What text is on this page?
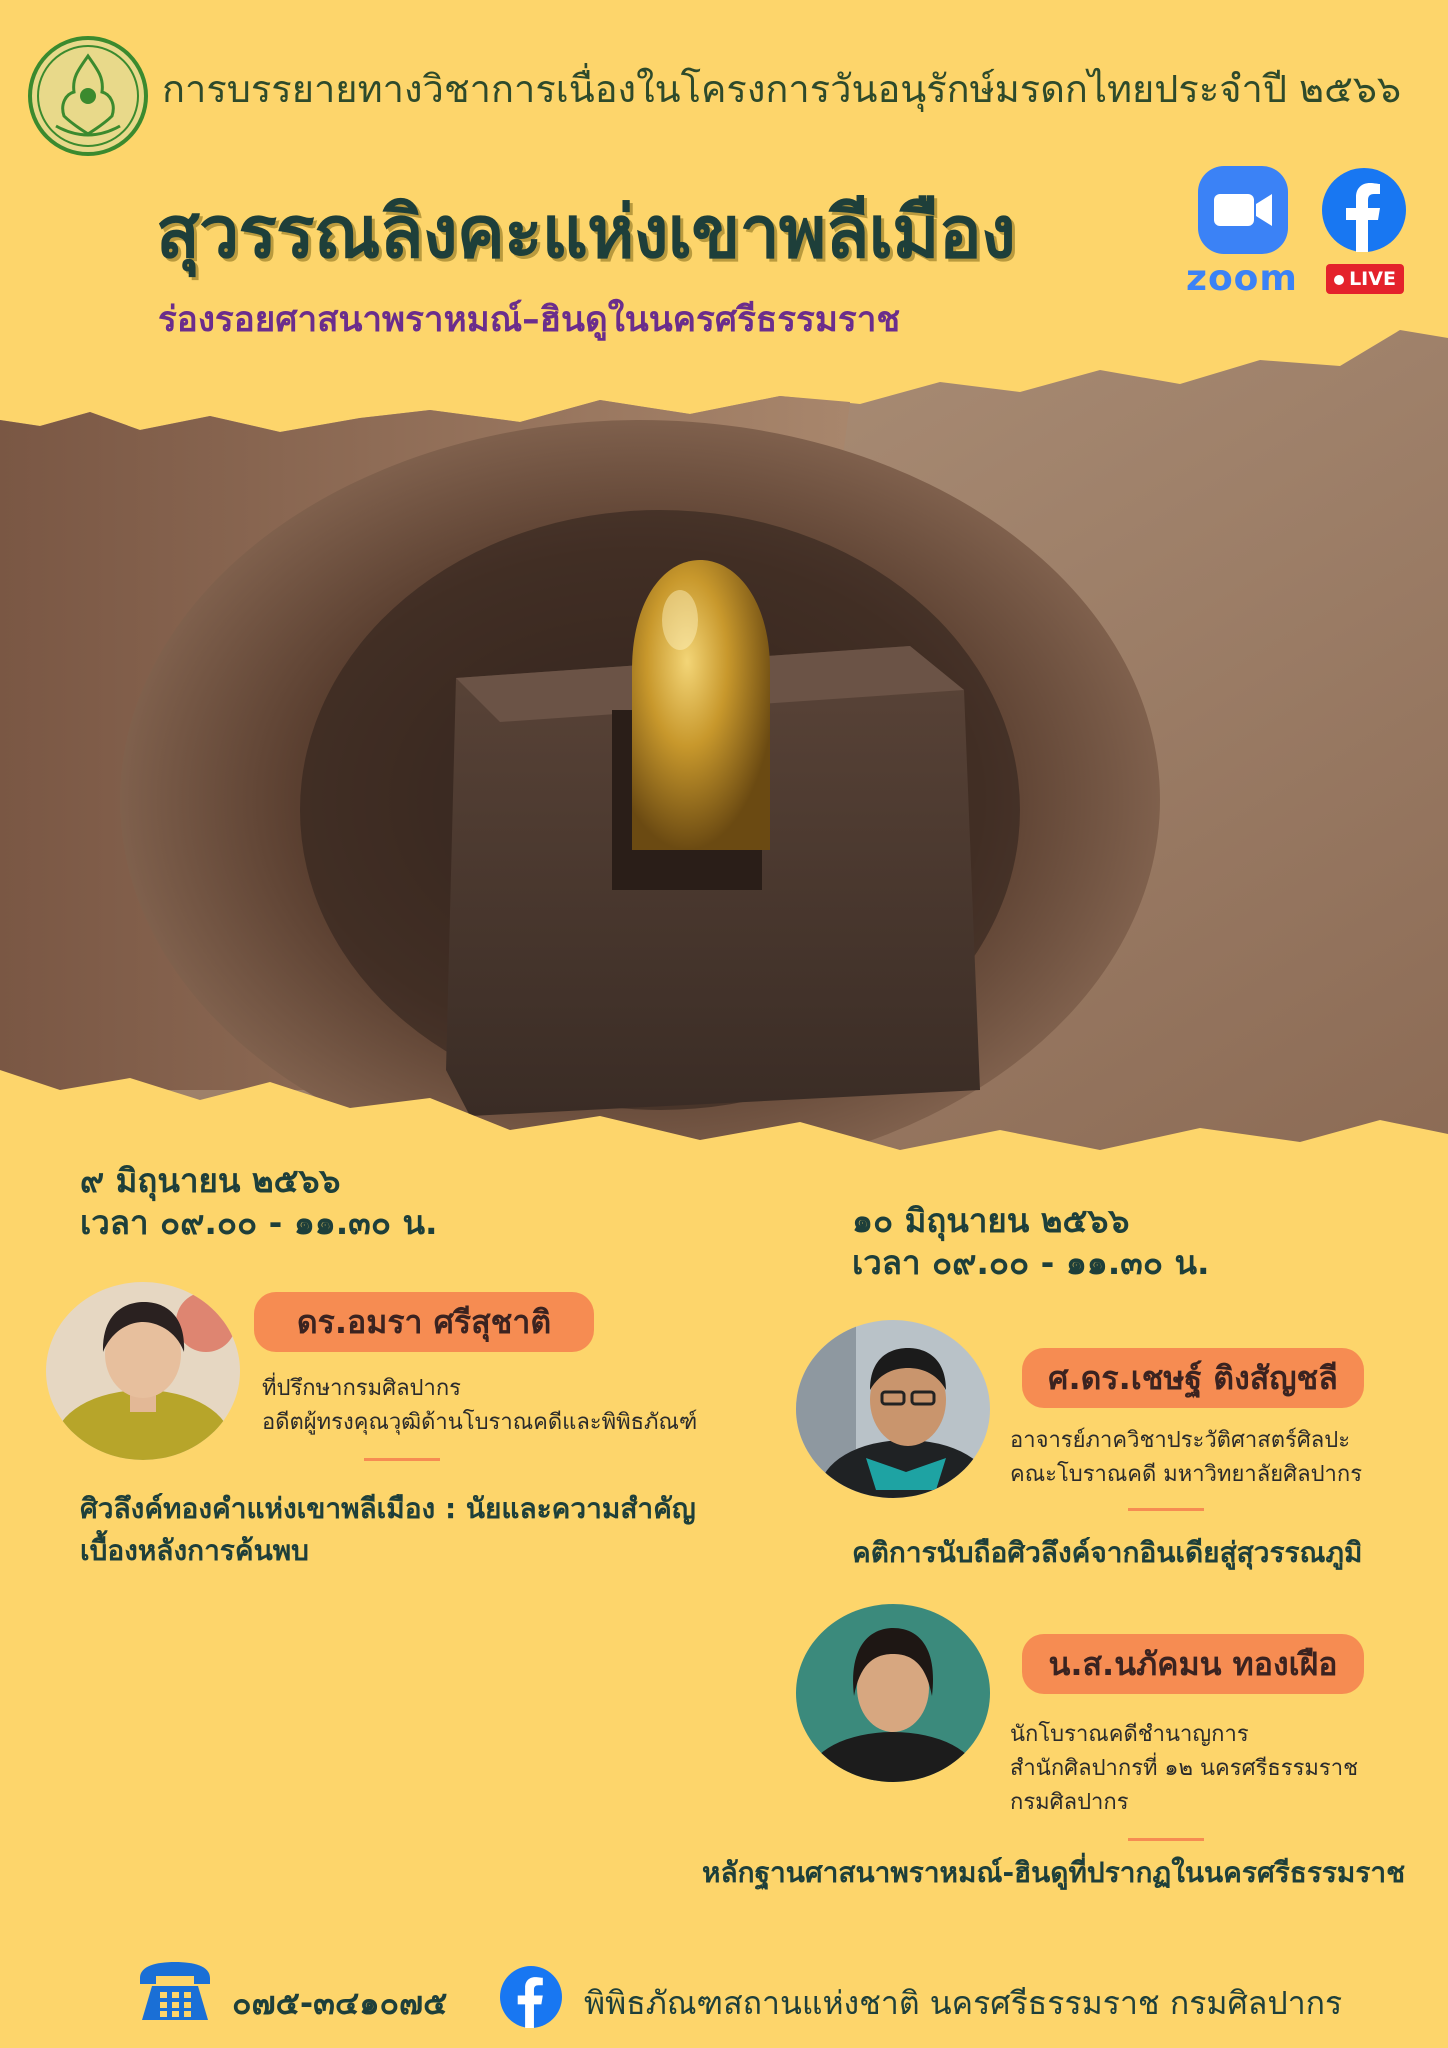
การบรรยายทางวิชาการเนื่องในโครงการวันอนุรักษ์มรดกไทยประจำปี ๒๕๖๖
สุวรรณลิงคะแห่งเขาพลีเมือง
ร่องรอยศาสนาพราหมณ์–ฮินดูในนครศรีธรรมราช
zoom	LIVE
๙ มิถุนายน ๒๕๖๖
เวลา ๐๙.๐๐ - ๑๑.๓๐ น.
ดร.อมรา ศรีสุชาติ
ที่ปรึกษากรมศิลปากร
อดีตผู้ทรงคุณวุฒิด้านโบราณคดีและพิพิธภัณฑ์
ศิวลึงค์ทองคำแห่งเขาพลีเมือง : นัยและความสำคัญ
เบื้องหลังการค้นพบ
๑๐ มิถุนายน ๒๕๖๖
เวลา ๐๙.๐๐ - ๑๑.๓๐ น.
ศ.ดร.เชษฐ์ ติงสัญชลี
อาจารย์ภาควิชาประวัติศาสตร์ศิลปะ
คณะโบราณคดี มหาวิทยาลัยศิลปากร
คติการนับถือศิวลึงค์จากอินเดียสู่สุวรรณภูมิ
น.ส.นภัคมน ทองเฝือ
นักโบราณคดีชำนาญการ
สำนักศิลปากรที่ ๑๒ นครศรีธรรมราช
กรมศิลปากร
หลักฐานศาสนาพราหมณ์-ฮินดูที่ปรากฏในนครศรีธรรมราช
๐๗๕-๓๔๑๐๗๕	พิพิธภัณฑสถานแห่งชาติ นครศรีธรรมราช กรมศิลปากร
